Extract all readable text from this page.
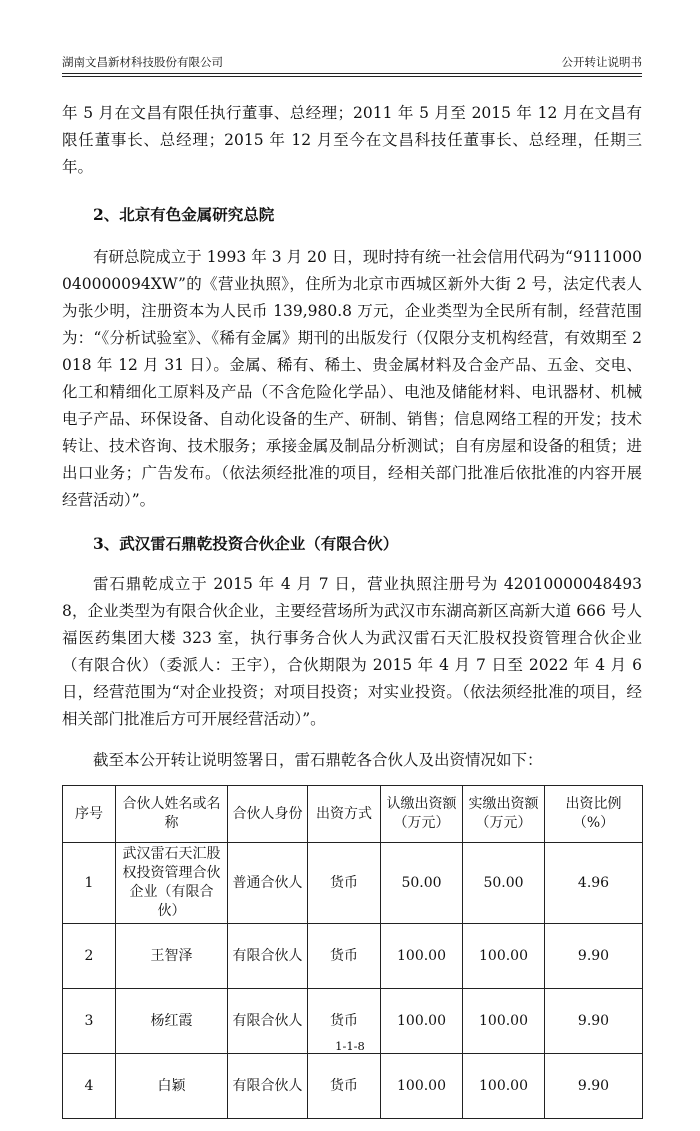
湖南文昌新材科技股份有限公司	公开转让说明书

年 5 月在文昌有限任执行董事、总经理；2011 年 5 月至 2015 年 12 月在文昌有限任董事长、总经理；2015 年 12 月至今在文昌科技任董事长、总经理，任期三年。

2、北京有色金属研究总院

有研总院成立于 1993 年 3 月 20 日，现时持有统一社会信用代码为“9111000040000094XW”的《营业执照》，住所为北京市西城区新外大街 2 号，法定代表人为张少明，注册资本为人民币 139,980.8 万元，企业类型为全民所有制，经营范围为：“《分析试验室》、《稀有金属》期刊的出版发行（仅限分支机构经营，有效期至 2018 年 12 月 31 日）。金属、稀有、稀土、贵金属材料及合金产品、五金、交电、化工和精细化工原料及产品（不含危险化学品）、电池及储能材料、电讯器材、机械电子产品、环保设备、自动化设备的生产、研制、销售；信息网络工程的开发；技术转让、技术咨询、技术服务；承接金属及制品分析测试；自有房屋和设备的租赁；进出口业务；广告发布。（依法须经批准的项目，经相关部门批准后依批准的内容开展经营活动）”。

3、武汉雷石鼎乾投资合伙企业（有限合伙）

雷石鼎乾成立于 2015 年 4 月 7 日，营业执照注册号为 420100000484938，企业类型为有限合伙企业，主要经营场所为武汉市东湖高新区高新大道 666 号人福医药集团大楼 323 室，执行事务合伙人为武汉雷石天汇股权投资管理合伙企业（有限合伙）（委派人：王宇），合伙期限为 2015 年 4 月 7 日至 2022 年 4 月 6 日，经营范围为“对企业投资；对项目投资；对实业投资。（依法须经批准的项目，经相关部门批准后方可开展经营活动）”。

截至本公开转让说明签署日，雷石鼎乾各合伙人及出资情况如下：

序号	合伙人姓名或名称	合伙人身份	出资方式	认缴出资额（万元）	实缴出资额（万元）	出资比例（%）
1	武汉雷石天汇股权投资管理合伙企业（有限合伙）	普通合伙人	货币	50.00	50.00	4.96
2	王智泽	有限合伙人	货币	100.00	100.00	9.90
3	杨红霞	有限合伙人	货币	100.00	100.00	9.90
4	白颖	有限合伙人	货币	100.00	100.00	9.90
1-1-8
